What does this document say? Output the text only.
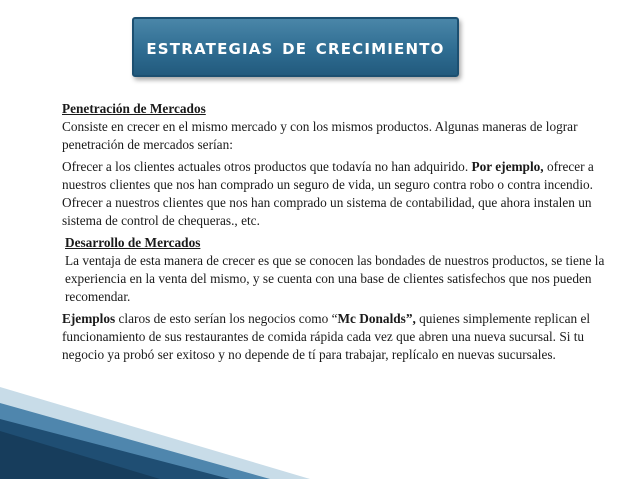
estrategias de crecimiento
Penetración de Mercados

Consiste en crecer en el mismo mercado y con los mismos productos. Algunas maneras de lograr penetración de mercados serían:

Ofrecer a los clientes actuales otros productos que todavía no han adquirido. Por ejemplo, ofrecer a nuestros clientes que nos han comprado un seguro de vida, un seguro contra robo o contra incendio. Ofrecer a nuestros clientes que nos han comprado un sistema de contabilidad, que ahora instalen un sistema de control de chequeras., etc.

Desarrollo de Mercados

La ventaja de esta manera de crecer es que se conocen las bondades de nuestros productos, se tiene la experiencia en la venta del mismo, y se cuenta con una base de clientes satisfechos que nos pueden recomendar.

Ejemplos claros de esto serían los negocios como “Mc Donalds”, quienes simplemente replican el funcionamiento de sus restaurantes de comida rápida cada vez que abren una nueva sucursal. Si tu negocio ya probó ser exitoso y no depende de tí para trabajar, replícalo en nuevas sucursales.
